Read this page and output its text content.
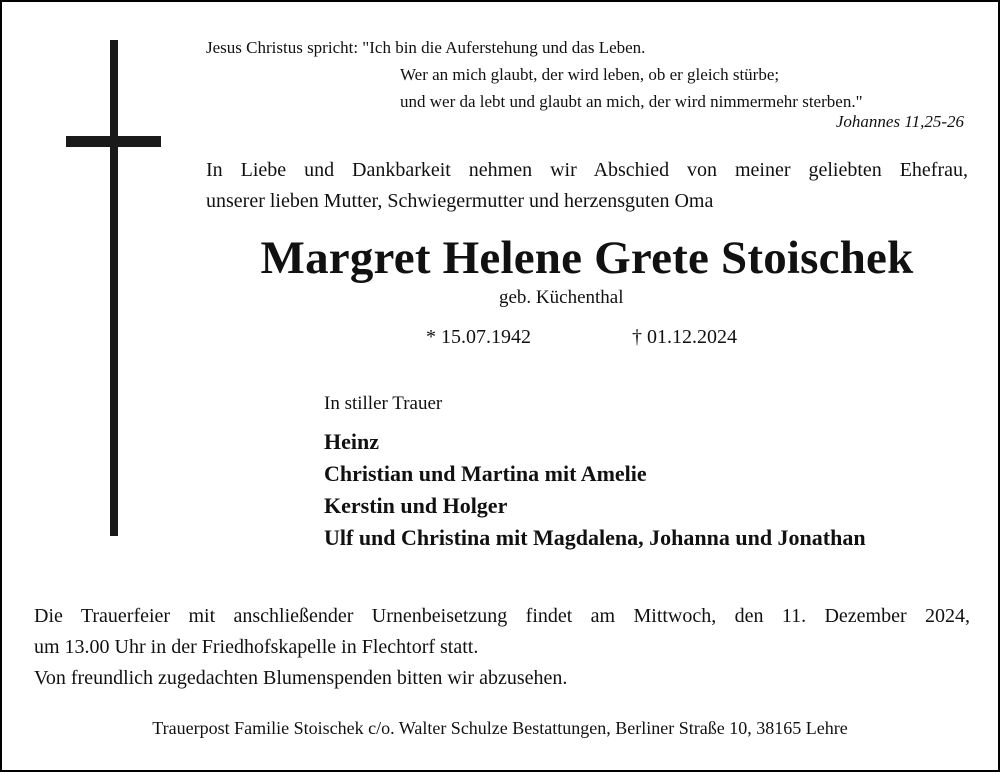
Jesus Christus spricht: "Ich bin die Auferstehung und das Leben.
Wer an mich glaubt, der wird leben, ob er gleich stürbe;
und wer da lebt und glaubt an mich, der wird nimmermehr sterben."
Johannes 11,25-26
In Liebe und Dankbarkeit nehmen wir Abschied von meiner geliebten Ehefrau,
unserer lieben Mutter, Schwiegermutter und herzensguten Oma
Margret Helene Grete Stoischek
geb. Küchenthal
* 15.07.1942	† 01.12.2024
In stiller Trauer
Heinz
Christian und Martina mit Amelie
Kerstin und Holger
Ulf und Christina mit Magdalena, Johanna und Jonathan
Die Trauerfeier mit anschließender Urnenbeisetzung findet am Mittwoch, den 11. Dezember 2024,
um 13.00 Uhr in der Friedhofskapelle in Flechtorf statt.
Von freundlich zugedachten Blumenspenden bitten wir abzusehen.
Trauerpost Familie Stoischek c/o. Walter Schulze Bestattungen, Berliner Straße 10, 38165 Lehre
